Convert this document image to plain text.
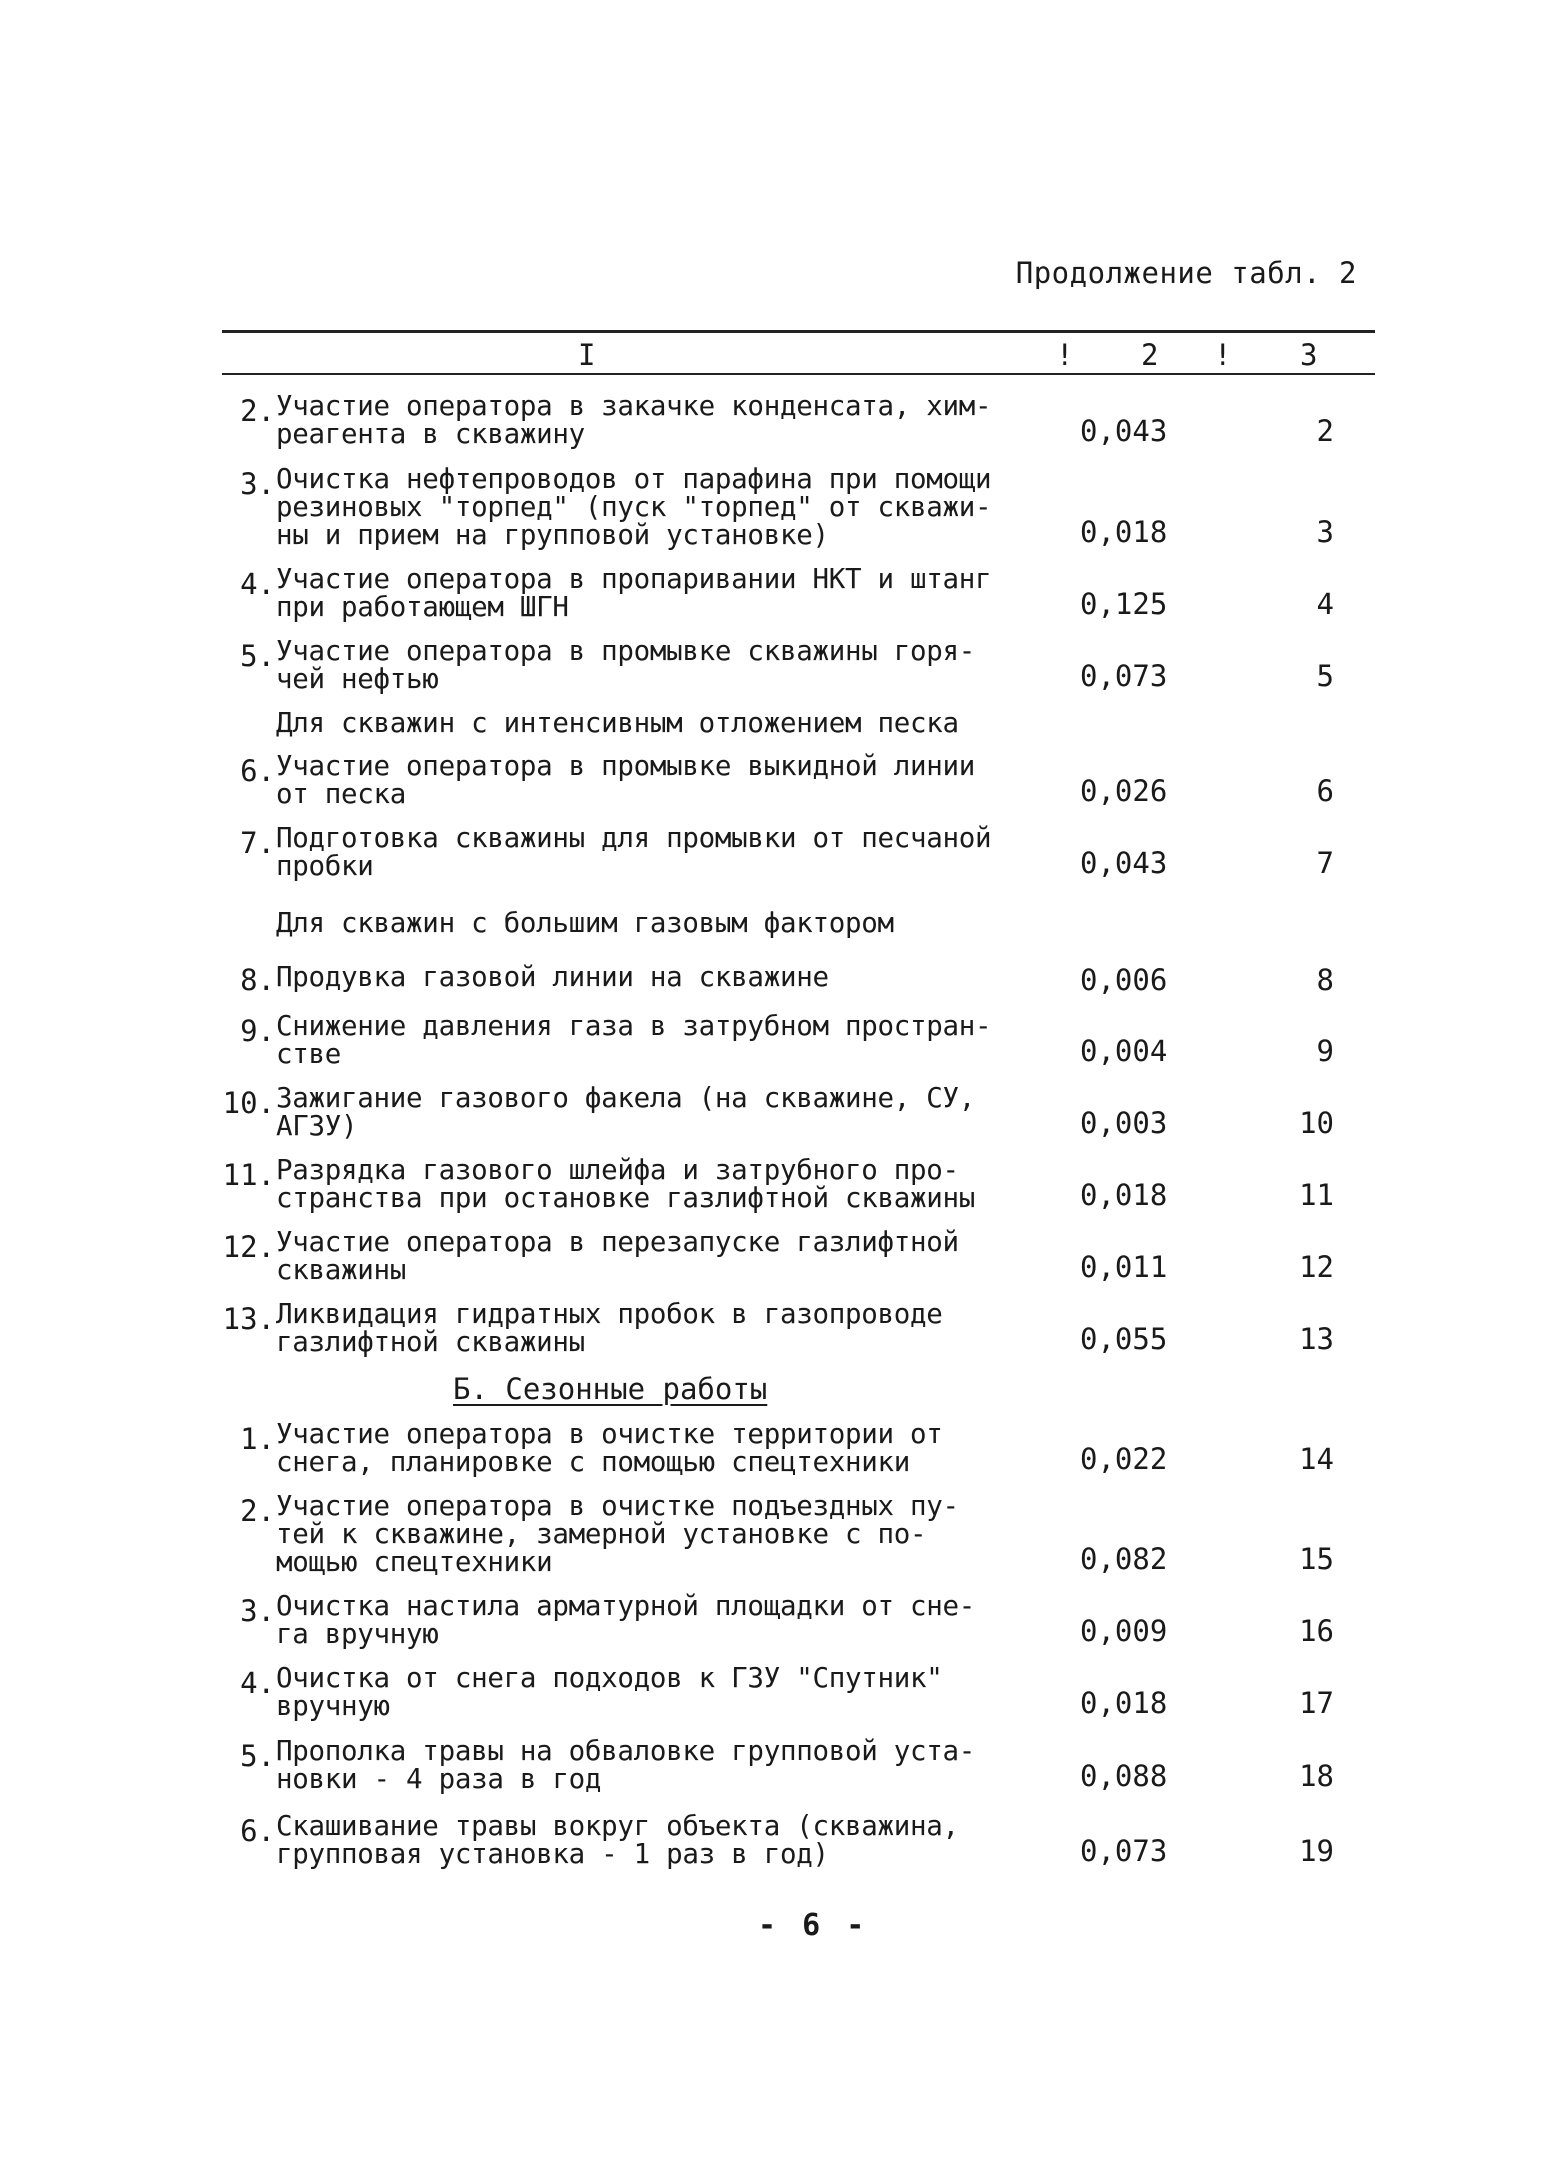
Продолжение табл. 2
I	! 2 ! 3
2. Участие оператора в закачке конденсата, хим-
реагента в скважину	0,043	2
3. Очистка нефтепроводов от парафина при помощи
резиновых "торпед" (пуск "торпед" от скважи-
ны и прием на групповой установке)	0,018	3
4. Участие оператора в пропаривании НКТ и штанг
при работающем ШГН	0,125	4
5. Участие оператора в промывке скважины горя-
чей нефтью	0,073	5
Для скважин с интенсивным отложением песка
6. Участие оператора в промывке выкидной линии
от песка	0,026	6
7. Подготовка скважины для промывки от песчаной
пробки	0,043	7
Для скважин с большим газовым фактором
8. Продувка газовой линии на скважине	0,006	8
9. Снижение давления газа в затрубном простран-
стве	0,004	9
10. Зажигание газового факела (на скважине, СУ,
АГЗУ)	0,003	10
11. Разрядка газового шлейфа и затрубного про-
странства при остановке газлифтной скважины	0,018	11
12. Участие оператора в перезапуске газлифтной
скважины	0,011	12
13. Ликвидация гидратных пробок в газопроводе
газлифтной скважины	0,055	13
Б. Сезонные работы
1. Участие оператора в очистке территории от
снега, планировке с помощью спецтехники	0,022	14
2. Участие оператора в очистке подъездных пу-
тей к скважине, замерной установке с по-
мощью спецтехники	0,082	15
3. Очистка настила арматурной площадки от сне-
га вручную	0,009	16
4. Очистка от снега подходов к ГЗУ "Спутник"
вручную	0,018	17
5. Прополка травы на обваловке групповой уста-
новки - 4 раза в год	0,088	18
6. Скашивание травы вокруг объекта (скважина,
групповая установка - 1 раз в год)	0,073	19
- 6 -
